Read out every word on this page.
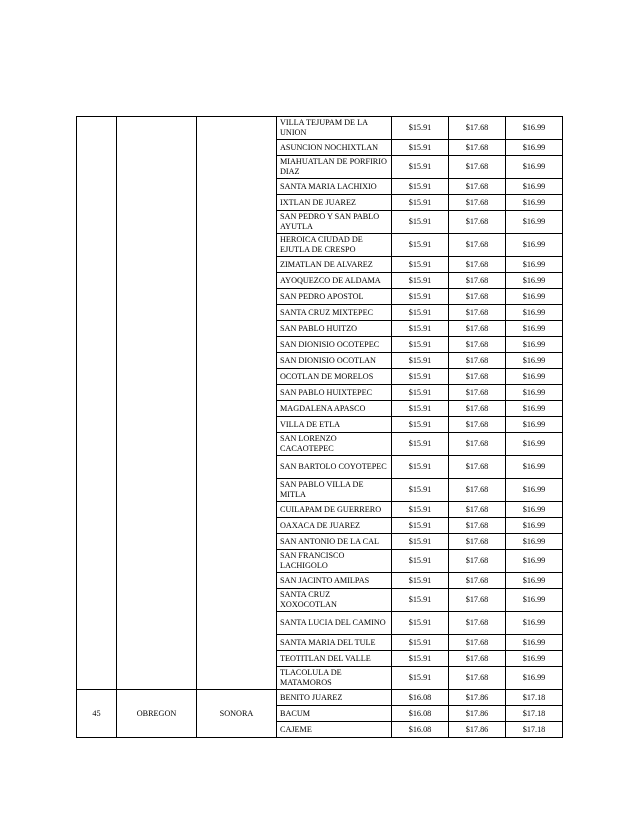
			VILLA TEJUPAM DE LA UNION	$15.91	$17.68	$16.99
			ASUNCION NOCHIXTLAN	$15.91	$17.68	$16.99
			MIAHUATLAN DE PORFIRIO DIAZ	$15.91	$17.68	$16.99
			SANTA MARIA LACHIXIO	$15.91	$17.68	$16.99
			IXTLAN DE JUAREZ	$15.91	$17.68	$16.99
			SAN PEDRO Y SAN PABLO AYUTLA	$15.91	$17.68	$16.99
			HEROICA CIUDAD DE EJUTLA DE CRESPO	$15.91	$17.68	$16.99
			ZIMATLAN DE ALVAREZ	$15.91	$17.68	$16.99
			AYOQUEZCO DE ALDAMA	$15.91	$17.68	$16.99
			SAN PEDRO APOSTOL	$15.91	$17.68	$16.99
			SANTA CRUZ MIXTEPEC	$15.91	$17.68	$16.99
			SAN PABLO HUITZO	$15.91	$17.68	$16.99
			SAN DIONISIO OCOTEPEC	$15.91	$17.68	$16.99
			SAN DIONISIO OCOTLAN	$15.91	$17.68	$16.99
			OCOTLAN DE MORELOS	$15.91	$17.68	$16.99
			SAN PABLO HUIXTEPEC	$15.91	$17.68	$16.99
			MAGDALENA APASCO	$15.91	$17.68	$16.99
			VILLA DE ETLA	$15.91	$17.68	$16.99
			SAN LORENZO CACAOTEPEC	$15.91	$17.68	$16.99
			SAN BARTOLO COYOTEPEC	$15.91	$17.68	$16.99
			SAN PABLO VILLA DE MITLA	$15.91	$17.68	$16.99
			CUILAPAM DE GUERRERO	$15.91	$17.68	$16.99
			OAXACA DE JUAREZ	$15.91	$17.68	$16.99
			SAN ANTONIO DE LA CAL	$15.91	$17.68	$16.99
			SAN FRANCISCO LACHIGOLO	$15.91	$17.68	$16.99
			SAN JACINTO AMILPAS	$15.91	$17.68	$16.99
			SANTA CRUZ XOXOCOTLAN	$15.91	$17.68	$16.99
			SANTA LUCIA DEL CAMINO	$15.91	$17.68	$16.99
			SANTA MARIA DEL TULE	$15.91	$17.68	$16.99
			TEOTITLAN DEL VALLE	$15.91	$17.68	$16.99
			TLACOLULA DE MATAMOROS	$15.91	$17.68	$16.99
45	OBREGON	SONORA	BENITO JUAREZ	$16.08	$17.86	$17.18
			BACUM	$16.08	$17.86	$17.18
			CAJEME	$16.08	$17.86	$17.18
